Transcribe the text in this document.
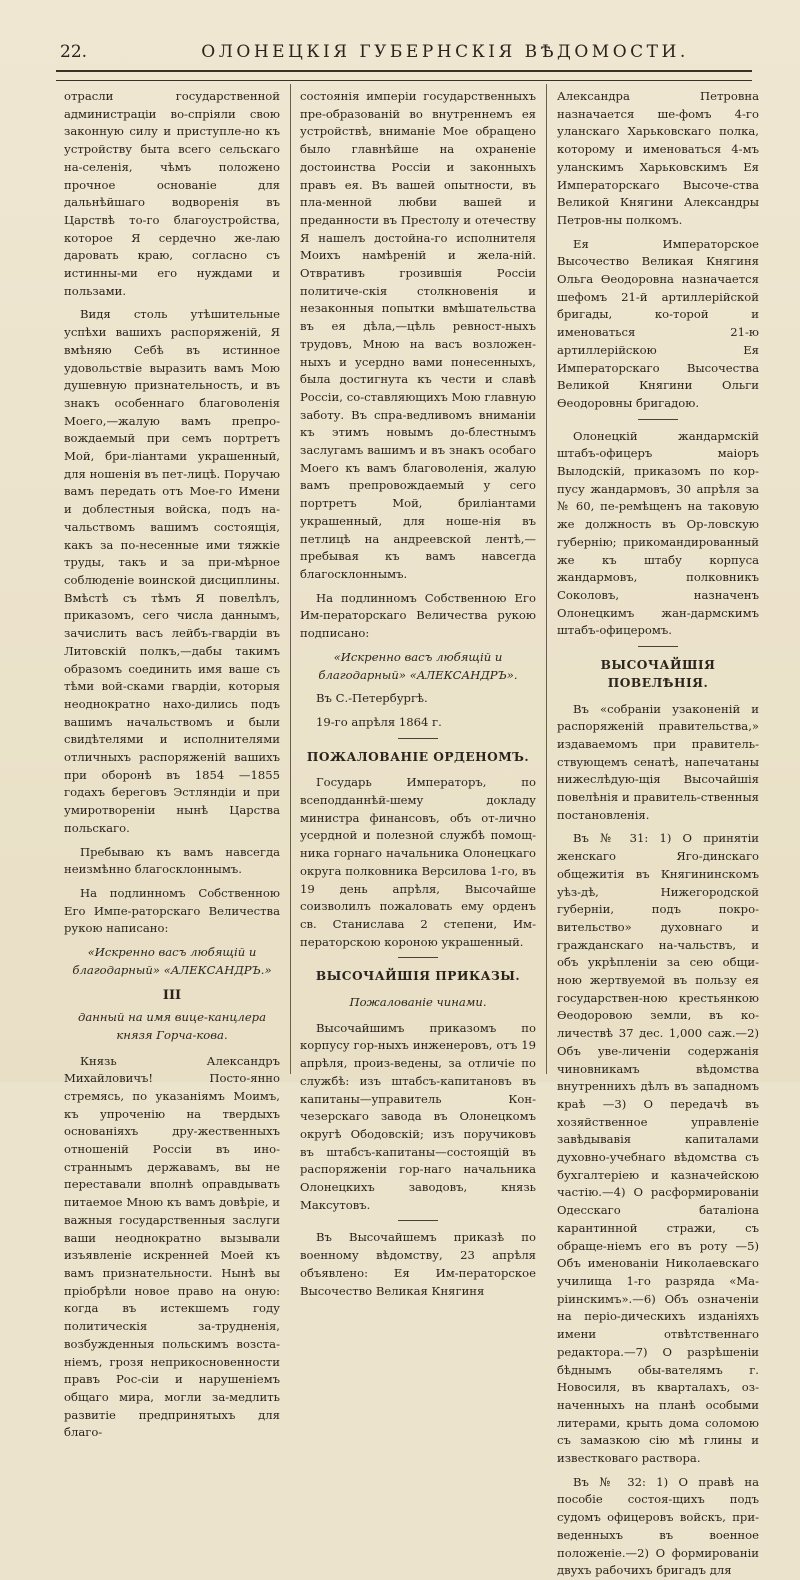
22.	ОЛОНЕЦКІЯ ГУБЕРНСКІЯ ВѢДОМОСТИ.

отрасли государственной администраціи во-спріяли свою законную силу и приступле-но къ устройству быта всего сельскаго на-селенія, чѣмъ положено прочное основаніе для дальнѣйшаго водворенія въ Царствѣ то-го благоустройства, которое Я сердечно же-лаю даровать краю, согласно съ истинны-ми его нуждами и пользами.

Видя столь утѣшительные успѣхи вашихъ распоряженій, Я вмѣняю Себѣ въ истинное удовольствіе выразить вамъ Мою душевную признательность, и въ знакъ особеннаго благоволенія Моего,—жалую вамъ препро-вождаемый при семъ портретъ Мой, бри-ліантами украшенный, для ношенія въ пет-лицѣ. Поручаю вамъ передать отъ Мое-го Имени и доблестныя войска, подъ на-чальствомъ вашимъ состоящія, какъ за по-несенные ими тяжкіе труды, такъ и за при-мѣрное соблюденіе воинской дисциплины. Вмѣстѣ съ тѣмъ Я повелѣлъ, приказомъ, сего числа даннымъ, зачислить васъ лейбъ-гвардіи въ Литовскій полкъ,—дабы такимъ образомъ соединить имя ваше съ тѣми вой-сками гвардіи, которыя неоднократно нахо-дились подъ вашимъ начальствомъ и были свидѣтелями и исполнителями отличныхъ распоряженій вашихъ при оборонѣ въ 1854 —1855 годахъ береговъ Эстляндіи и при умиротвореніи нынѣ Царства польскаго.

Пребываю къ вамъ навсегда неизмѣнно благосклоннымъ.

На подлинномъ Собственною Его Импе-раторскаго Величества рукою написано:

«Искренно васъ любящій и благодарный» «АЛЕКСАНДРЪ.»

III

данный на имя вице-канцлера князя Горча-кова.

Князь Александръ Михайловичъ! Посто-янно стремясь, по указаніямъ Моимъ, къ упроченію на твердыхъ основаніяхъ дру-жественныхъ отношеній Россіи въ ино-страннымъ державамъ, вы не переставали вполнѣ оправдывать питаемое Мною къ вамъ довѣріе, и важныя государственныя заслуги ваши неоднократно вызывали изъявленіе искренней Моей къ вамъ признательности. Нынѣ вы пріобрѣли новое право на оную: когда въ истекшемъ году политическія за-трудненія, возбужденныя польскимъ возста-ніемъ, грозя неприкосновенности правъ Рос-сіи и нарушеніемъ общаго мира, могли за-медлить развитіе предпринятыхъ для благо-

состоянія имперіи государственныхъ пре-образованій во внутреннемъ ея устройствѣ, вниманіе Мое обращено было главнѣйше на охраненіе достоинства Россіи и законныхъ правъ ея. Въ вашей опытности, въ пла-менной любви вашей и преданности въ Престолу и отечеству Я нашелъ достойна-го исполнителя Моихъ намѣреній и жела-ній. Отвративъ грозившія Россіи политиче-скія столкновенія и незаконныя попытки вмѣшательства въ ея дѣла,—цѣль ревност-ныхъ трудовъ, Мною на васъ возложен-ныхъ и усердно вами понесенныхъ, была достигнута къ чести и славѣ Россіи, со-ставляющихъ Мою главную заботу. Въ спра-ведливомъ вниманіи къ этимъ новымъ до-блестнымъ заслугамъ вашимъ и въ знакъ особаго Моего къ вамъ благоволенія, жалую вамъ препровождаемый у сего портретъ Мой, бриліантами украшенный, для ноше-нія въ петлицѣ на андреевской лентѣ,— пребывая къ вамъ навсегда благосклоннымъ.

На подлинномъ Собственною Его Им-ператорскаго Величества рукою подписано:

«Искренно васъ любящій и благодарный» «АЛЕКСАНДРЪ».

Въ С.-Петербургѣ.

19-го апрѣля 1864 г.

ПОЖАЛОВАНІЕ ОРДЕНОМЪ.

Государь Императоръ, по всеподданнѣй-шему докладу министра финансовъ, объ от-лично усердной и полезной службѣ помощ-ника горнаго начальника Олонецкаго округа полковника Версилова 1-го, въ 19 день апрѣля, Высочайше соизволилъ пожаловать ему орденъ св. Станислава 2 степени, Им-ператорскою короною украшенный.

ВЫСОЧАЙШІЯ ПРИКАЗЫ.

Пожалованіе чинами.

Высочайшимъ приказомъ по корпусу гор-ныхъ инженеровъ, отъ 19 апрѣля, произ-ведены, за отличіе по службѣ: изъ штабсъ-капитановъ въ капитаны—управитель Кон-чезерскаго завода въ Олонецкомъ округѣ Ободовскій; изъ поручиковъ въ штабсъ-капитаны—состоящій въ распоряженіи гор-наго начальника Олонецкихъ заводовъ, князь Макcутовъ.

Въ Высочайшемъ приказѣ по военному вѣдомству, 23 апрѣля объявлено: Ея Им-ператорское Высочество Великая Княгиня

Александра Петровна назначается ше-фомъ 4-го уланскаго Харьковскаго полка, которому и именоваться 4-мъ уланскимъ Харьковскимъ Ея Императорскаго Высоче-ства Великой Княгини Александры Петров-ны полкомъ.

Ея Императорское Высочество Великая Княгиня Ольга Ѳеодоровна назначается шефомъ 21-й артиллерійской бригады, ко-торой и именоваться 21-ю артиллерійскою Ея Императорскаго Высочества Великой Княгини Ольги Ѳеодоровны бригадою.

Олонецкій жандармскій штабъ-офицеръ маіоръ Вылодскій, приказомъ по кор-пусу жандармовъ, 30 апрѣля за № 60, пе-ремѣщенъ на таковую же должность въ Ор-ловскую губернію; прикомандированный же къ штабу корпуса жандармовъ, полковникъ Соколовъ, назначенъ Олонецкимъ жан-дармскимъ штабъ-офицеромъ.

ВЫСОЧАЙШІЯ ПОВЕЛѢНІЯ.

Въ «собраніи узаконеній и распоряженій правительства,» издаваемомъ при правитель-ствующемъ сенатѣ, напечатаны нижеслѣдую-щія Высочайшія повелѣнія и правитель-ственныя постановленія.

Въ № 31: 1) О принятіи женскаго Яго-динскаго общежитія въ Княгининскомъ уѣз-дѣ, Нижегородской губерніи, подъ покро-вительство» духовнаго и гражданскаго на-чальствъ, и объ укрѣпленіи за сею общи-ною жертвуемой въ пользу ея государствен-ною крестьянкою Ѳеодоровою земли, въ ко-личествѣ 37 дес. 1,000 саж.—2) Объ уве-личеніи содержанія чиновникамъ вѣдомства внутреннихъ дѣлъ въ западномъ краѣ —3) О передачѣ въ хозяйственное управленіе завѣдывавія капиталами духовно-учебнаго вѣдомства съ бухгалтеріею и казначейскою частію.—4) О расформированіи Одесскаго баталіона карантинной стражи, съ обраще-ніемъ его въ роту —5) Объ именованіи Николаевскаго училища 1-го разряда «Ма-ріинскимъ».—6) Объ означеніи на періо-дическихъ изданіяхъ имени отвѣтственнаго редактора.—7) О разрѣшеніи бѣднымъ обы-вателямъ г. Новосиля, въ кварталахъ, оз-наченныхъ на планѣ особыми литерами, крыть дома соломою съ замазкою сію мѣ глины и известковаго раствора.

Въ № 32: 1) О правѣ на пособіе состоя-щихъ подъ судомъ офицеровъ войскъ, при-веденныхъ въ военное положеніе.—2) О формированіи двухъ рабочихъ бригадъ для
